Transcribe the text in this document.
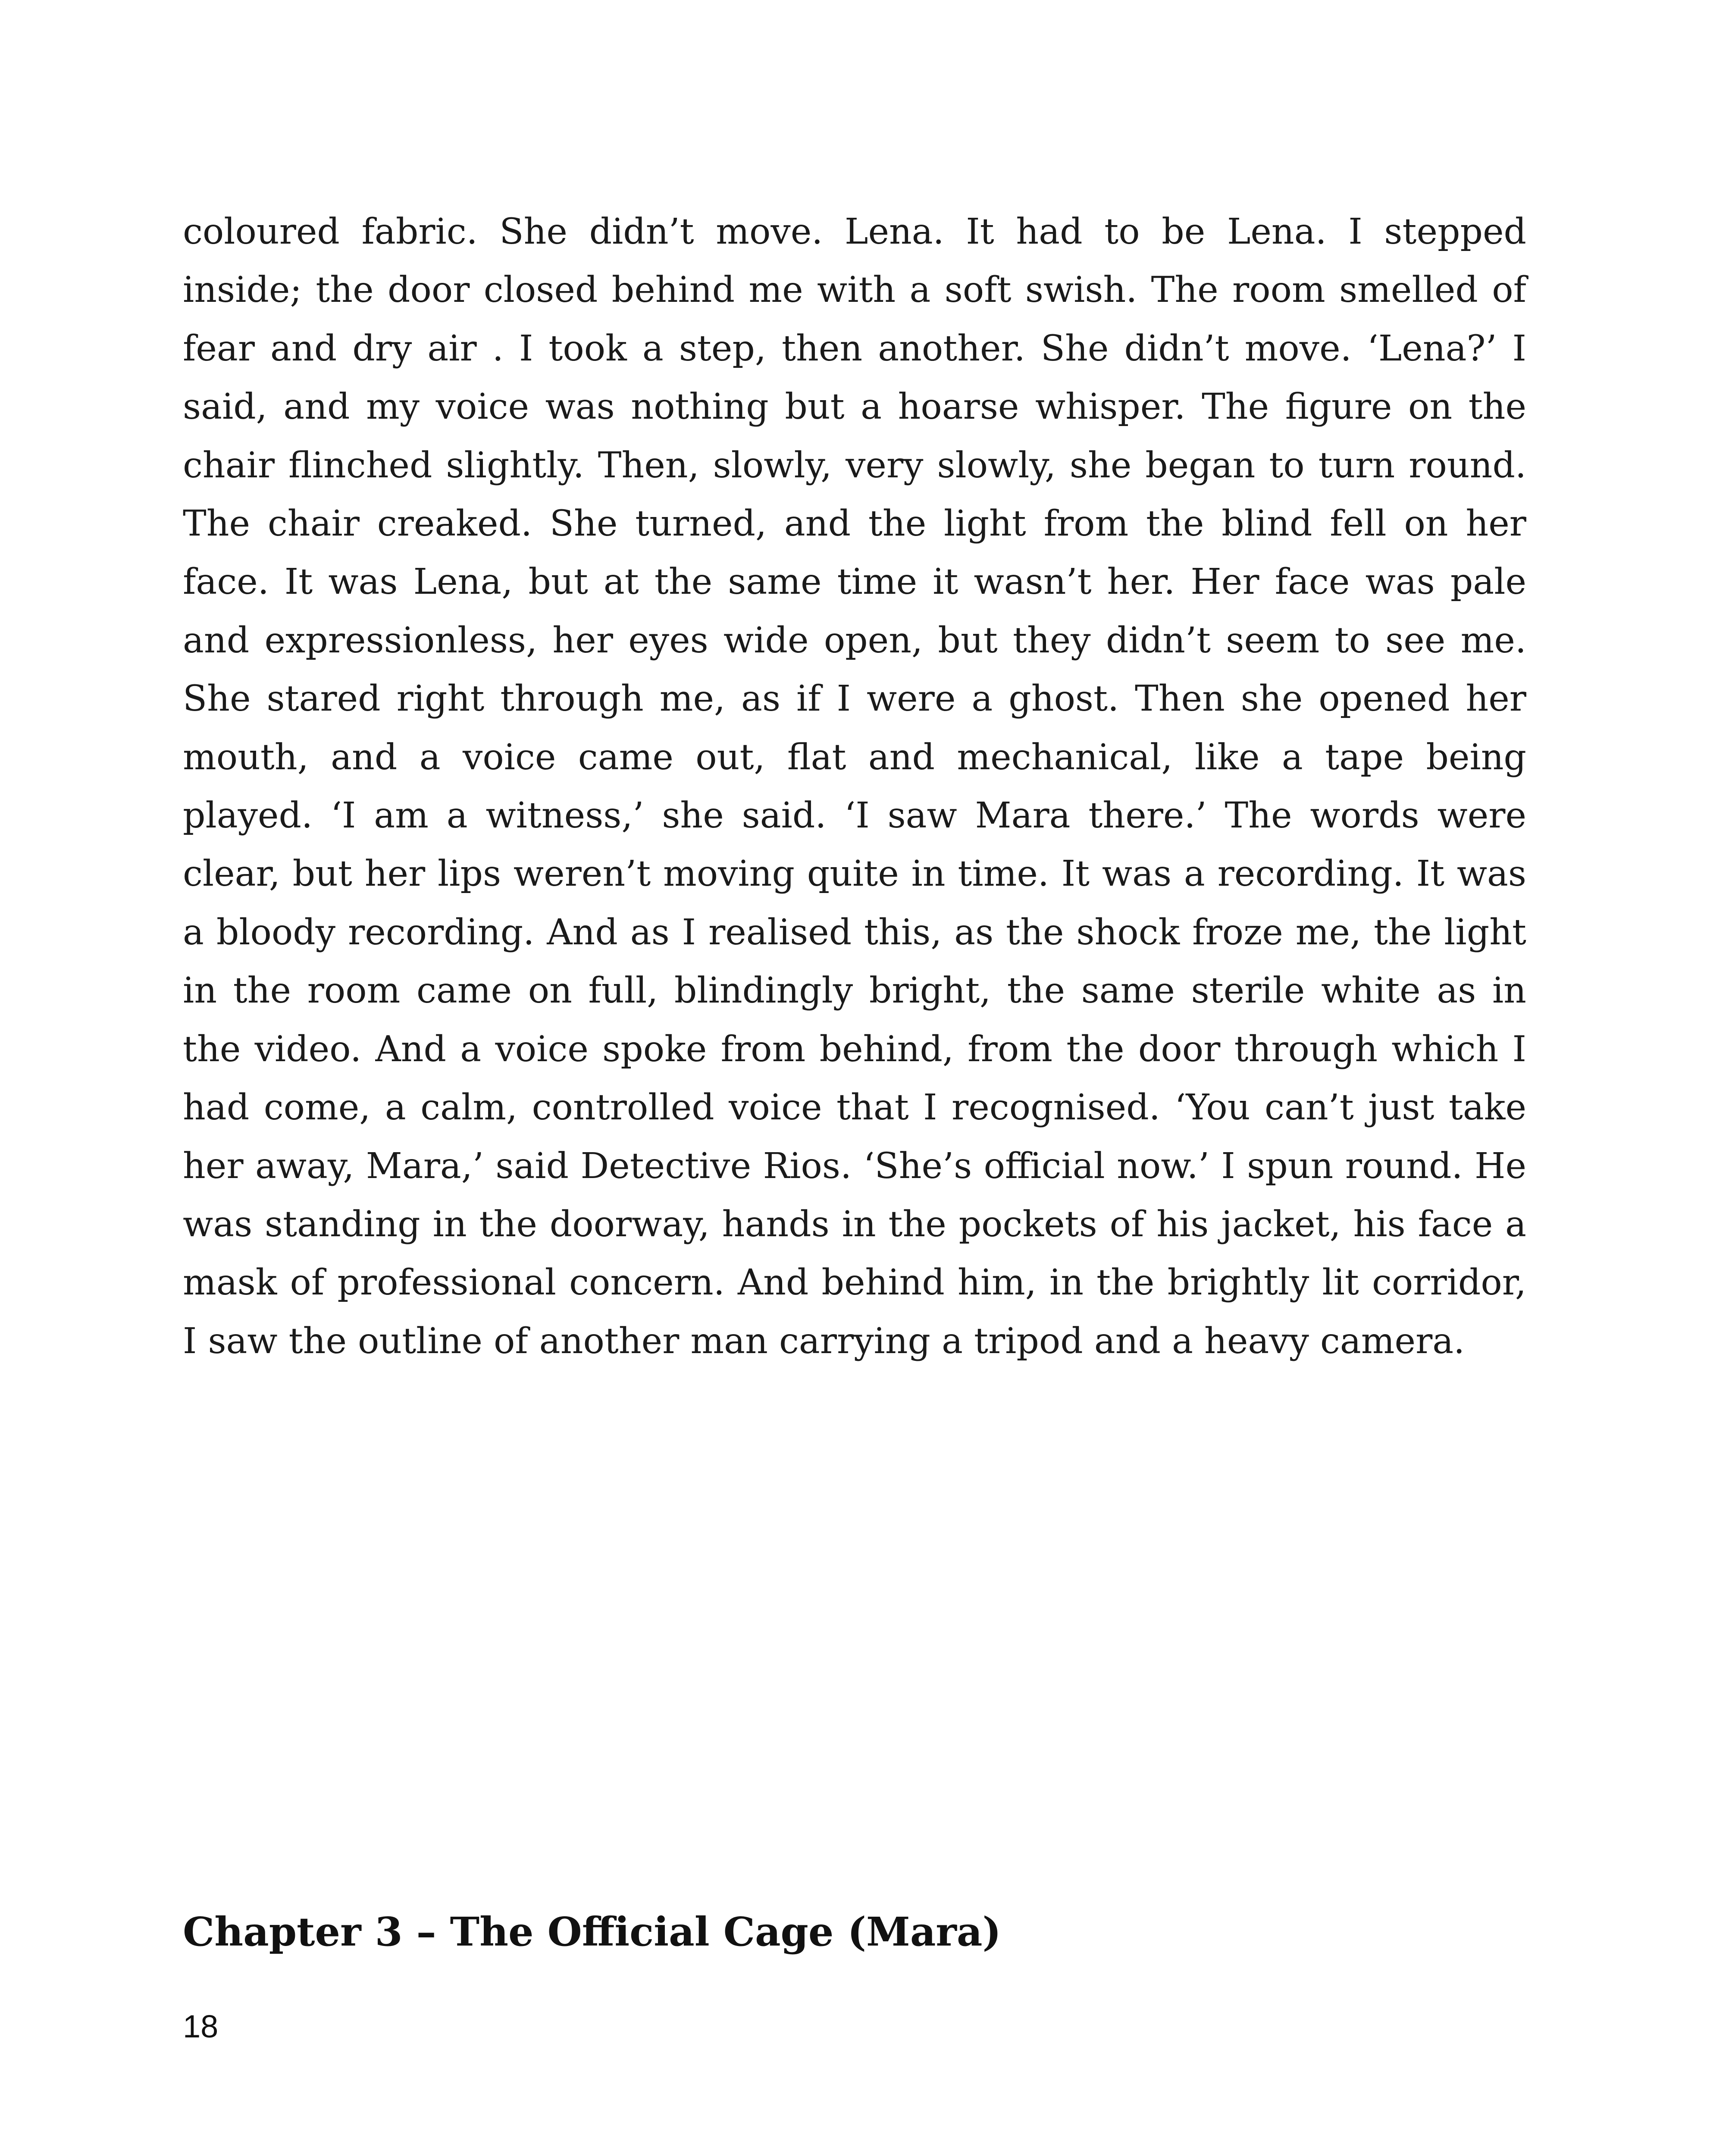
coloured fabric. She didn’t move. Lena. It had to be Lena. I stepped inside; the door closed behind me with a soft swish. The room smelled of fear and dry air . I took a step, then another. She didn’t move. ‘Lena?’ I said, and my voice was nothing but a hoarse whisper. The figure on the chair flinched slightly. Then, slowly, very slowly, she began to turn round. The chair creaked. She turned, and the light from the blind fell on her face. It was Lena, but at the same time it wasn’t her. Her face was pale and expressionless, her eyes wide open, but they didn’t seem to see me. She stared right through me, as if I were a ghost. Then she opened her mouth, and a voice came out, flat and mechanical, like a tape being played. ‘I am a witness,’ she said. ‘I saw Mara there.’ The words were clear, but her lips weren’t moving quite in time. It was a recording. It was a bloody recording. And as I realised this, as the shock froze me, the light in the room came on full, blindingly bright, the same sterile white as in the video. And a voice spoke from behind, from the door through which I had come, a calm, controlled voice that I recognised. ‘You can’t just take her away, Mara,’ said Detective Rios. ‘She’s official now.’ I spun round. He was standing in the doorway, hands in the pockets of his jacket, his face a mask of professional concern. And behind him, in the brightly lit corridor, I saw the outline of another man carrying a tripod and a heavy camera.

Chapter 3 – The Official Cage (Mara)
18
